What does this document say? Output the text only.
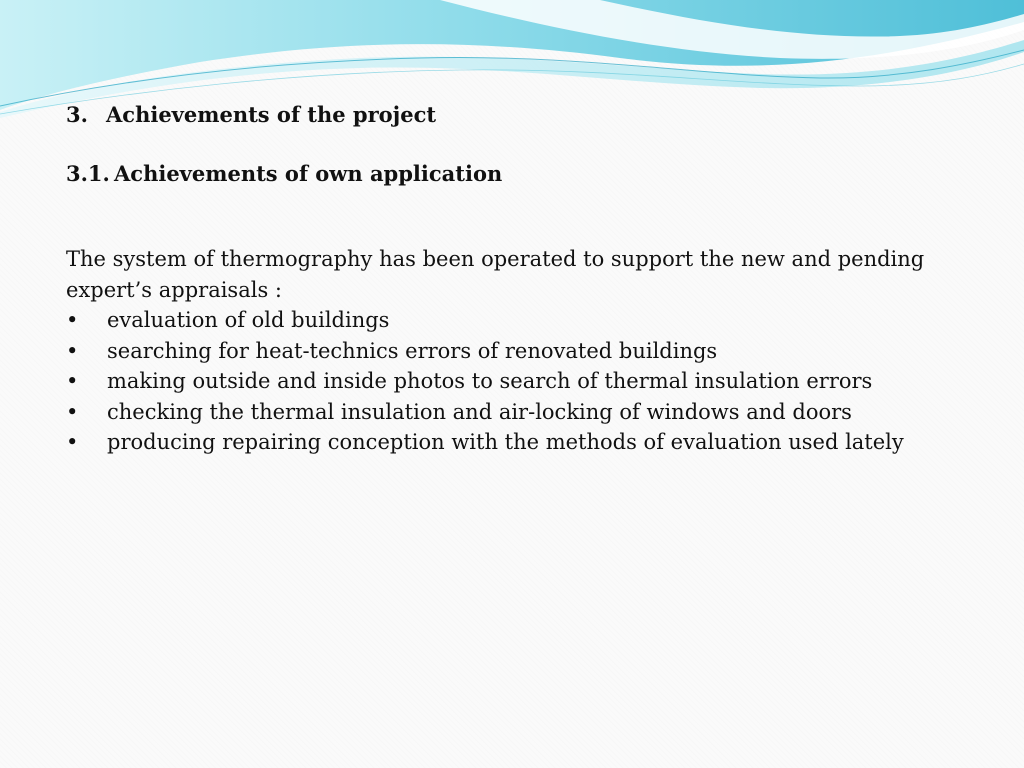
3. Achievements of the project

3.1. Achievements of own application

The system of thermography has been operated to support the new and pending expert’s appraisals :

• evaluation of old buildings
• searching for heat-technics errors of renovated buildings
• making outside and inside photos to search of thermal insulation errors
• checking the thermal insulation and air-locking of windows and doors
• producing repairing conception with the methods of evaluation used lately
